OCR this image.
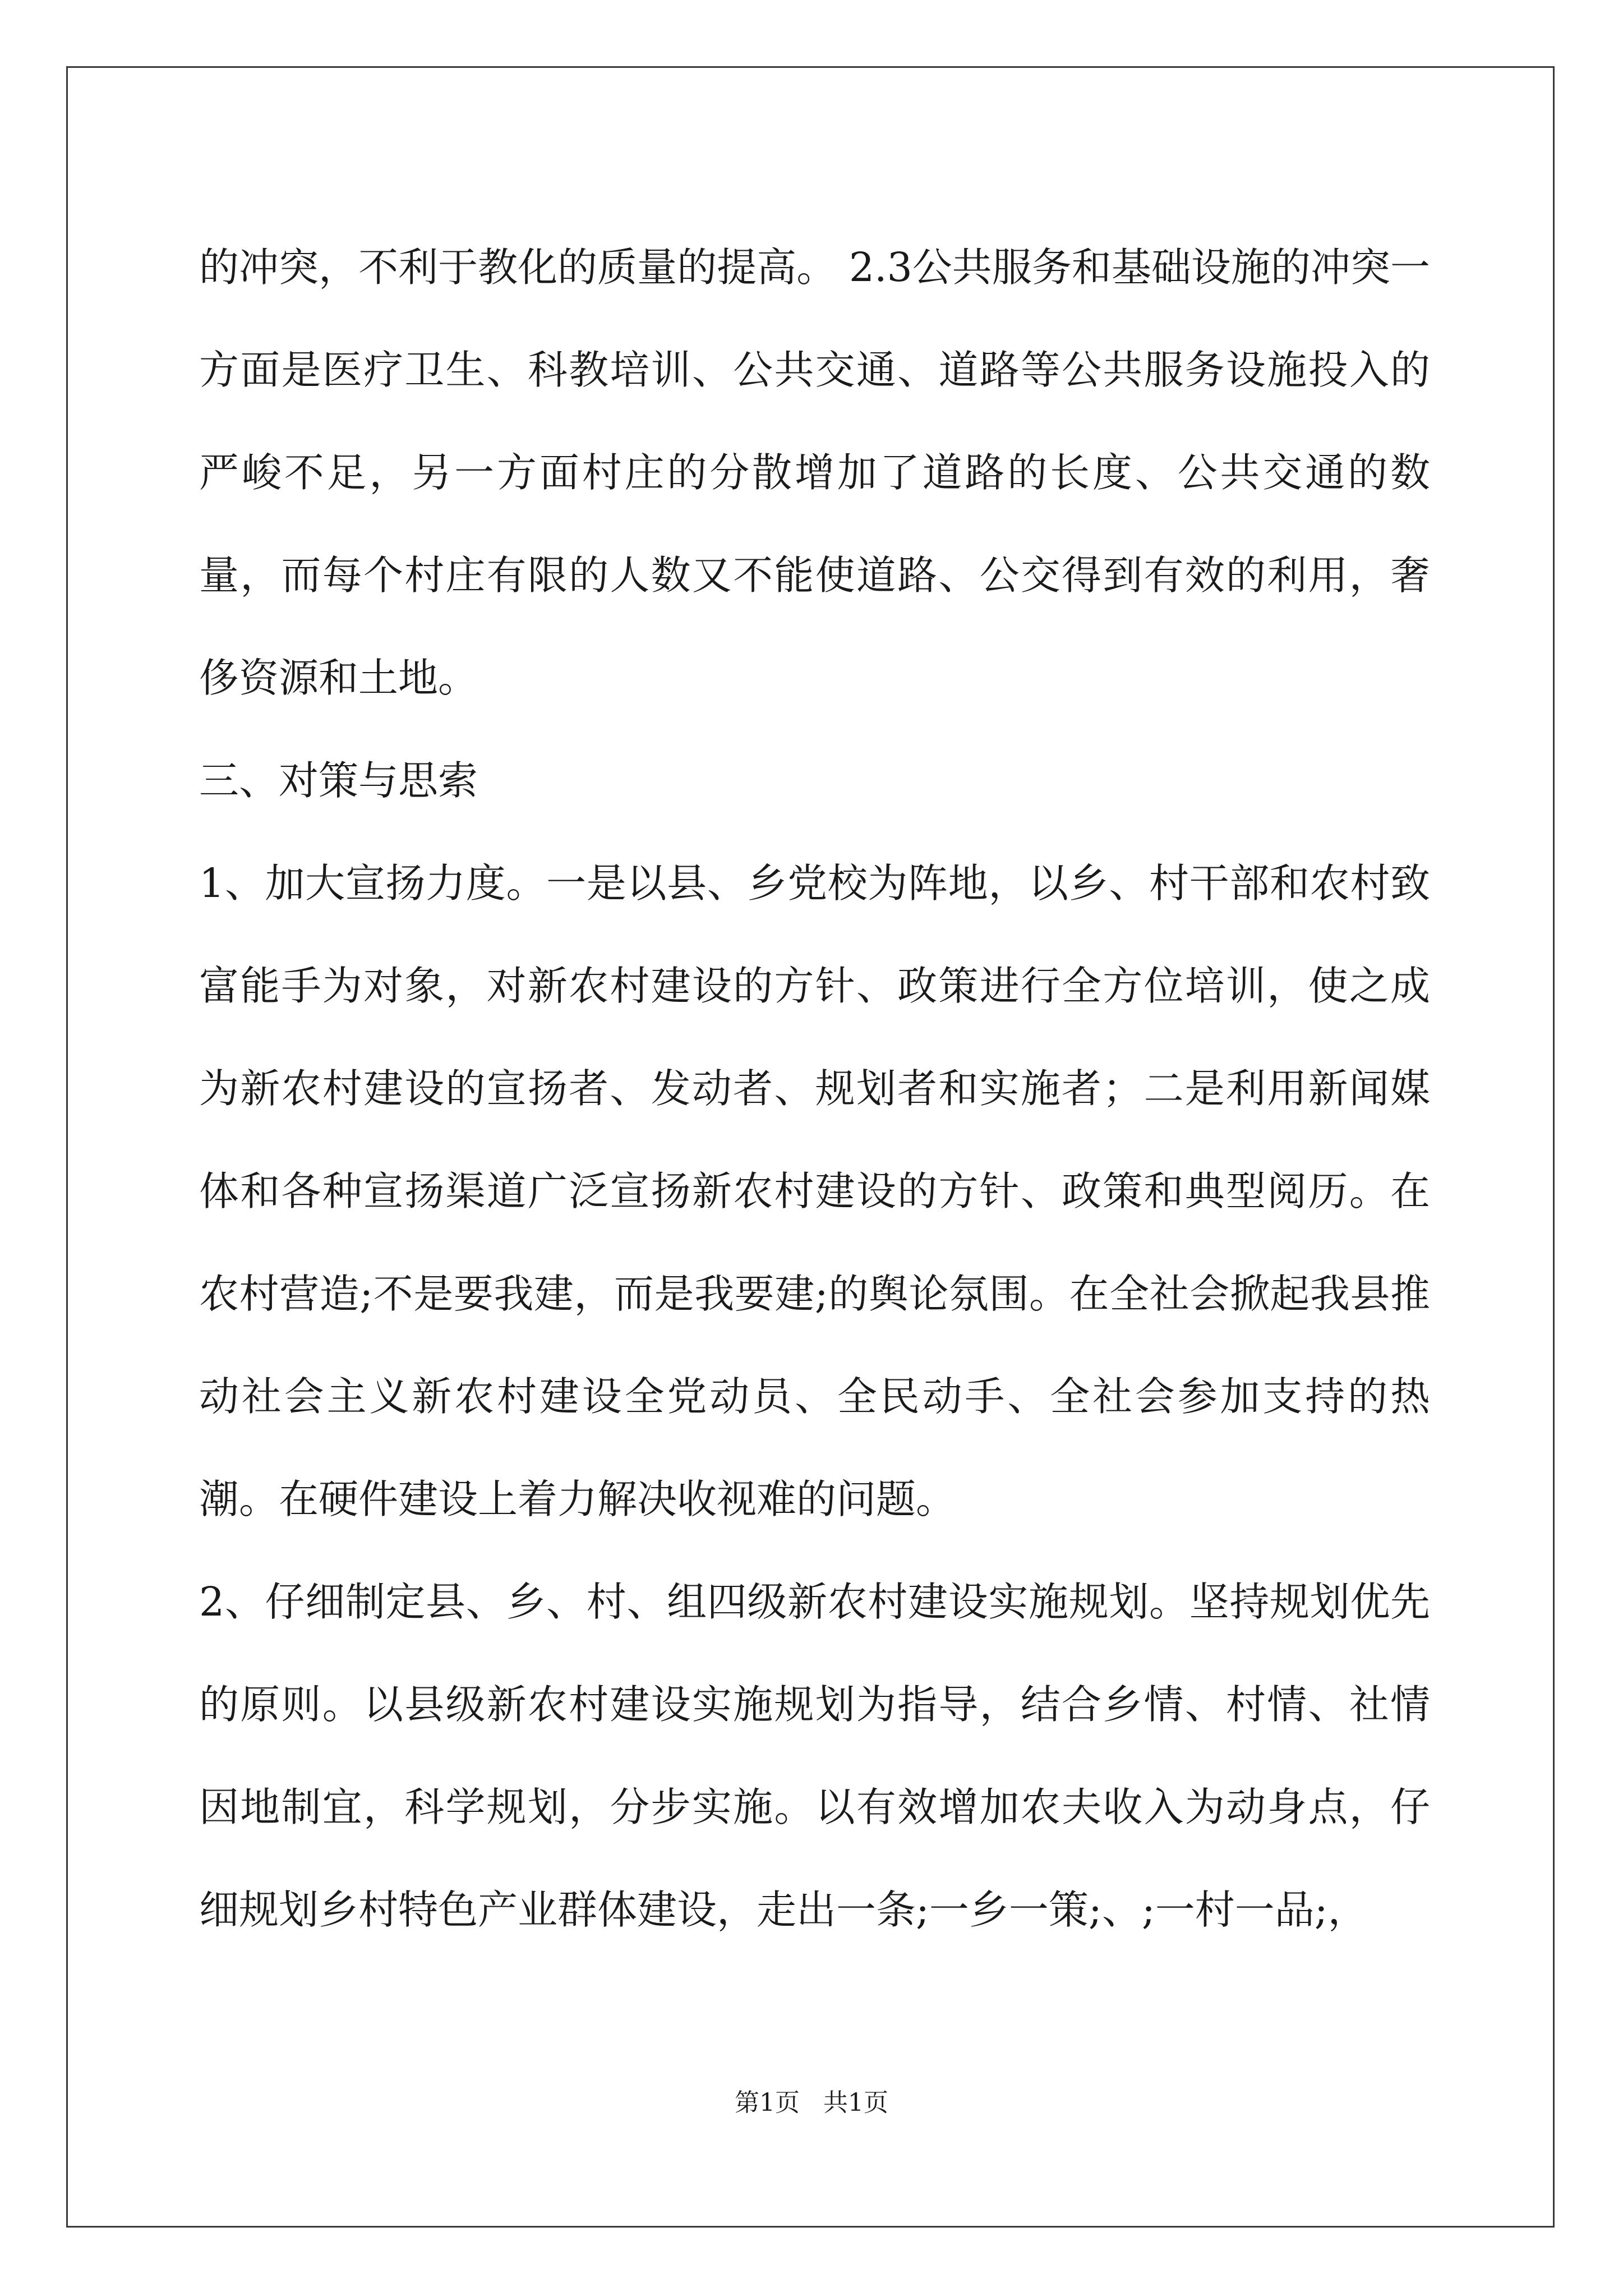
的冲突，不利于教化的质量的提高。 2.3公共服务和基础设施的冲突一方面是医疗卫生、科教培训、公共交通、道路等公共服务设施投入的严峻不足，另一方面村庄的分散增加了道路的长度、公共交通的数量，而每个村庄有限的人数又不能使道路、公交得到有效的利用，奢侈资源和土地。

三、对策与思索

1、加大宣扬力度。一是以县、乡党校为阵地，以乡、村干部和农村致富能手为对象，对新农村建设的方针、政策进行全方位培训，使之成为新农村建设的宣扬者、发动者、规划者和实施者；二是利用新闻媒体和各种宣扬渠道广泛宣扬新农村建设的方针、政策和典型阅历。在农村营造;不是要我建，而是我要建;的舆论氛围。在全社会掀起我县推动社会主义新农村建设全党动员、全民动手、全社会参加支持的热潮。在硬件建设上着力解决收视难的问题。

2、仔细制定县、乡、村、组四级新农村建设实施规划。坚持规划优先的原则。以县级新农村建设实施规划为指导，结合乡情、村情、社情因地制宜，科学规划，分步实施。以有效增加农夫收入为动身点，仔细规划乡村特色产业群体建设，走出一条;一乡一策;、;一村一品;，

第1页   共1页
